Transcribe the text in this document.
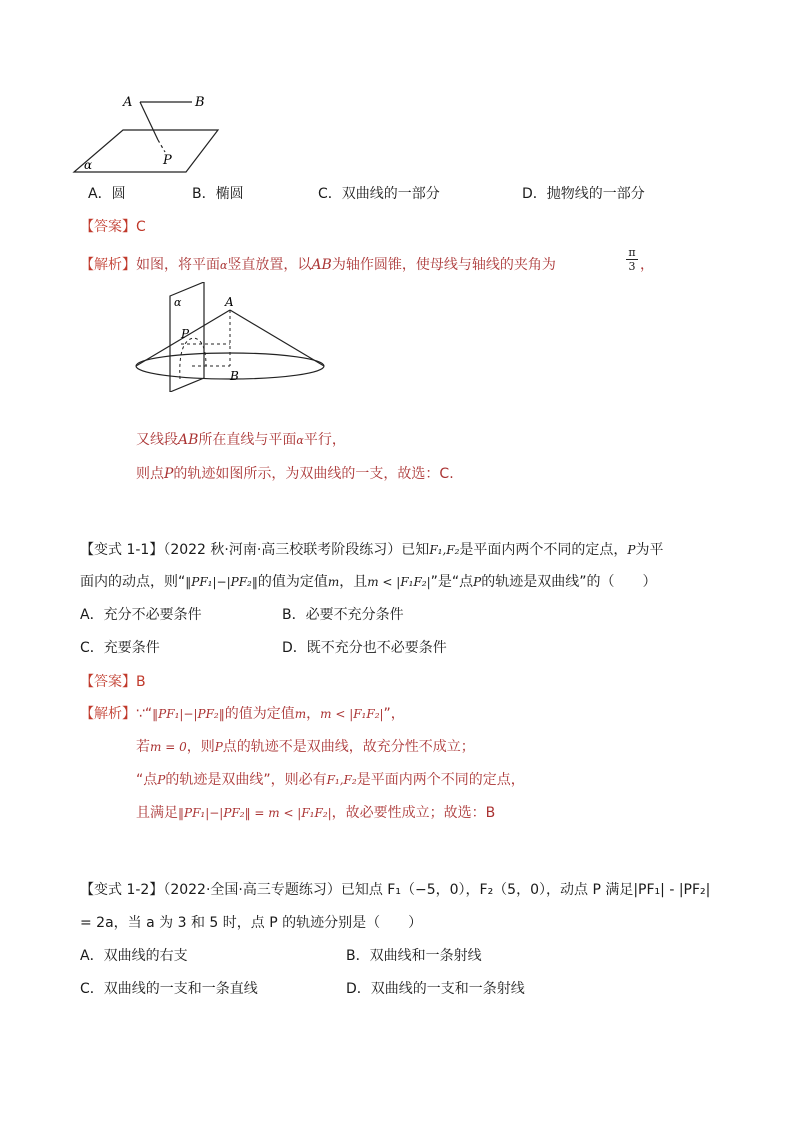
A	B
P
α
A．圆	B．椭圆	C．双曲线的一部分	D．抛物线的一部分
【答案】C
【解析】如图，将平面α竖直放置，以AB为轴作圆锥，使母线与轴线的夹角为	$\frac{\pi}{3}$ ，
α	A
P
B
又线段AB所在直线与平面α平行，
则点P的轨迹如图所示，为双曲线的一支，故选：C.
【变式 1-1】（2022 秋·河南·高三校联考阶段练习）已知F₁,F₂是平面内两个不同的定点，P为平
面内的动点，则“‖PF₁|−|PF₂‖的值为定值m，且m < |F₁F₂|”是“点P的轨迹是双曲线”的（　　）
A．充分不必要条件	B．必要不充分条件
C．充要条件	D．既不充分也不必要条件
【答案】B
【解析】∵“‖PF₁|−|PF₂‖的值为定值m，m < |F₁F₂|”，
若m = 0，则P点的轨迹不是双曲线，故充分性不成立；
“点P的轨迹是双曲线”，则必有F₁,F₂是平面内两个不同的定点，
且满足‖PF₁|−|PF₂‖ = m < |F₁F₂|，故必要性成立；故选：B
【变式 1-2】（2022·全国·高三专题练习）已知点 F₁（−5，0），F₂（5，0），动点 P 满足|PF₁| - |PF₂|
= 2a，当 a 为 3 和 5 时，点 P 的轨迹分别是（　　）
A．双曲线的右支	B．双曲线和一条射线
C．双曲线的一支和一条直线	D．双曲线的一支和一条射线
